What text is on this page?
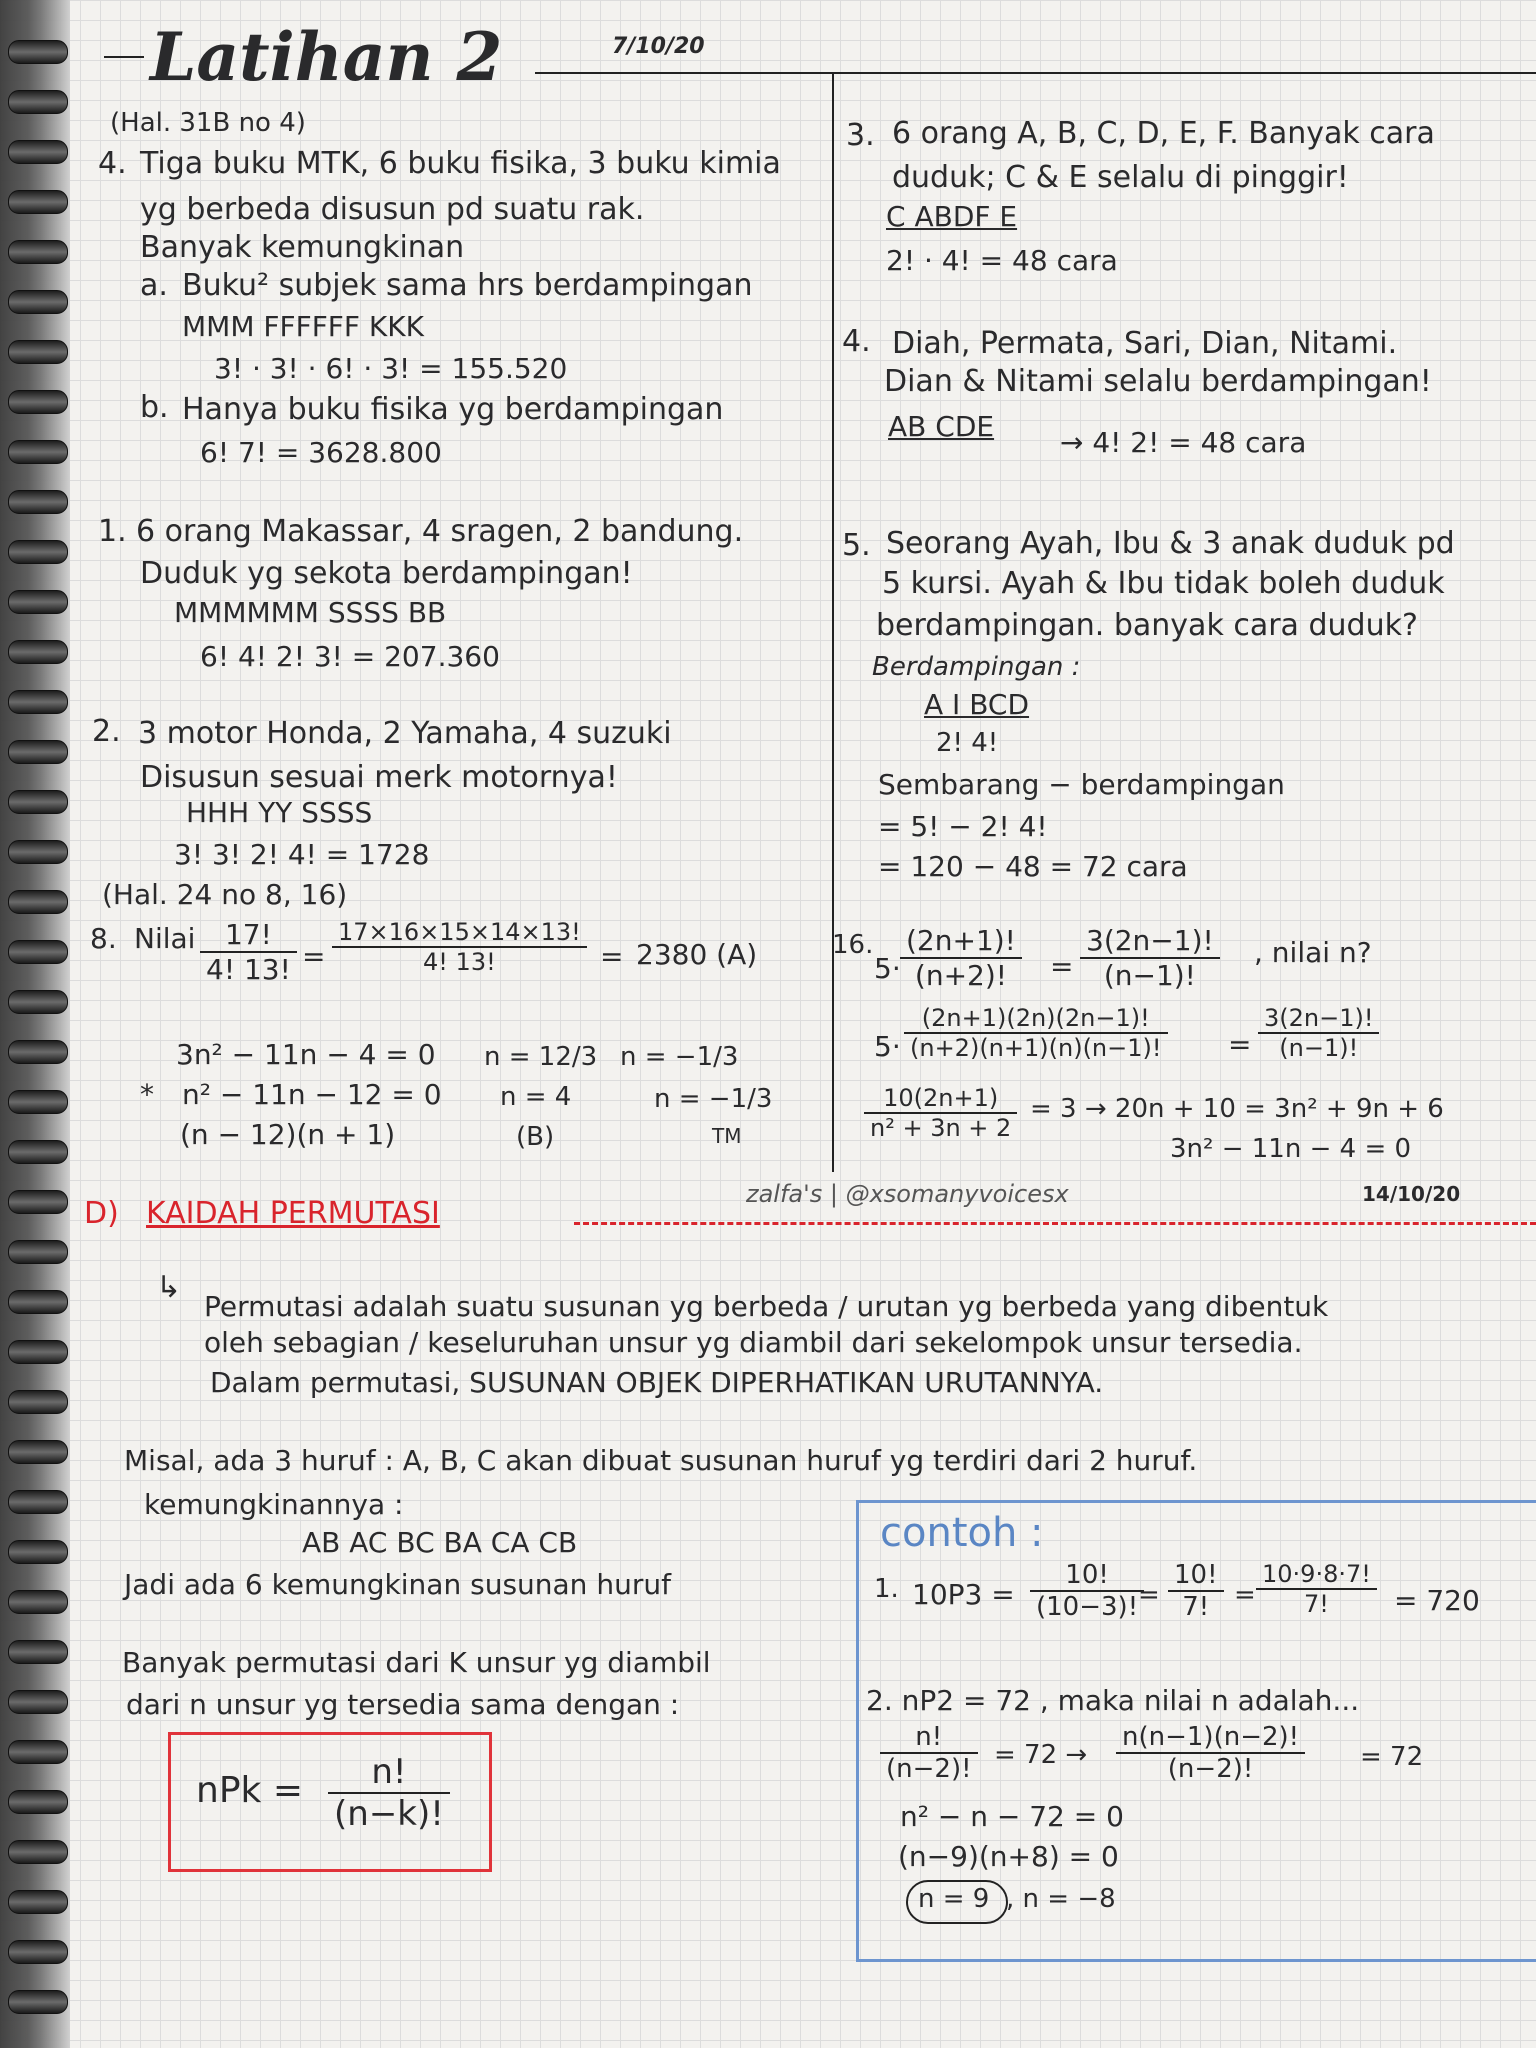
Latihan 2	7/10/20
(Hal. 31B no 4)
4. Tiga buku MTK, 6 buku fisika, 3 buku kimia
yg berbeda disusun pd suatu rak.
Banyak kemungkinan
a. Buku² subjek sama hrs berdampingan
MMM FFFFFF KKK
3! · 3! · 6! · 3! = 155.520
b. Hanya buku fisika yg berdampingan
6! 7! = 3628.800
1. 6 orang Makassar, 4 sragen, 2 bandung.
Duduk yg sekota berdampingan!
MMMMMM SSSS BB
6! 4! 2! 3! = 207.360
2. 3 motor Honda, 2 Yamaha, 4 suzuki
Disusun sesuai merk motornya!
HHH YY SSSS
3! 3! 2! 4! = 1728
(Hal. 24 no 8, 16)
8. Nilai $\frac{17!}{4! 13!} = \frac{17\times 16\times 15\times 14\times 13!}{4! 13!} = 2380$ (A)
3n² − 11n − 4 = 0
* n² − 11n − 12 = 0
(n − 12)(n + 1)
n = 12/3
n = 4
(B)
n = −1/3
n = −1/3
TM
3. 6 orang A, B, C, D, E, F. Banyak cara
duduk; C & E selalu di pinggir!
C ABDF E
2! · 4! = 48 cara
4. Diah, Permata, Sari, Dian, Nitami.
Dian & Nitami selalu berdampingan!
AB CDE → 4! 2! = 48 cara
5. Seorang Ayah, Ibu & 3 anak duduk pd
5 kursi. Ayah & Ibu tidak boleh duduk
berdampingan. banyak cara duduk?
Berdampingan :
A I BCD
2! 4!
Sembarang − berdampingan
= 5! − 2! 4!
= 120 − 48 = 72 cara
16.
$5\cdot \frac{(2n+1)!}{(n+2)!} = \frac{3(2n-1)!}{(n-1)!}$ , nilai n?
$5\cdot \frac{(2n+1)(2n)(2n-1)!}{(n+2)(n+1)(n)(n-1)!} = \frac{3(2n-1)!}{(n-1)!}$
$\frac{10(2n+1)}{\text{n² + 3n + 2}} = 3 \to 20n + 10 = 3n^2 + 9n + 6$
3n² − 11n − 4 = 0
D) KAIDAH PERMUTASI
zalfa's | @xsomanyvoicesx	14/10/20
↳
Permutasi adalah suatu susunan yg berbeda / urutan yg berbeda yang dibentuk
oleh sebagian / keseluruhan unsur yg diambil dari sekelompok unsur tersedia.
Dalam permutasi, SUSUNAN OBJEK DIPERHATIKAN URUTANNYA.
Misal, ada 3 huruf : A, B, C akan dibuat susunan huruf yg terdiri dari 2 huruf.
kemungkinannya :
AB AC BC BA CA CB
Jadi ada 6 kemungkinan susunan huruf
Banyak permutasi dari K unsur yg diambil
dari n unsur yg tersedia sama dengan :
nPk = $\frac{n!}{(n-k)!}$
contoh :
1. $10P3 = \frac{10!}{(10-3)!}$
= $\frac{10!}{7!} = \frac{10\cdot 9\cdot 8\cdot 7!}{7!} = 720$
2. nP2 = 72 , maka nilai n adalah...
$\frac{n!}{(n-2)!} = 72 \to \frac{n(n-1)(n-2)!}{(n-2)!} = 72$
n² − n − 72 = 0
(n−9)(n+8) = 0
n = 9 , n = −8
